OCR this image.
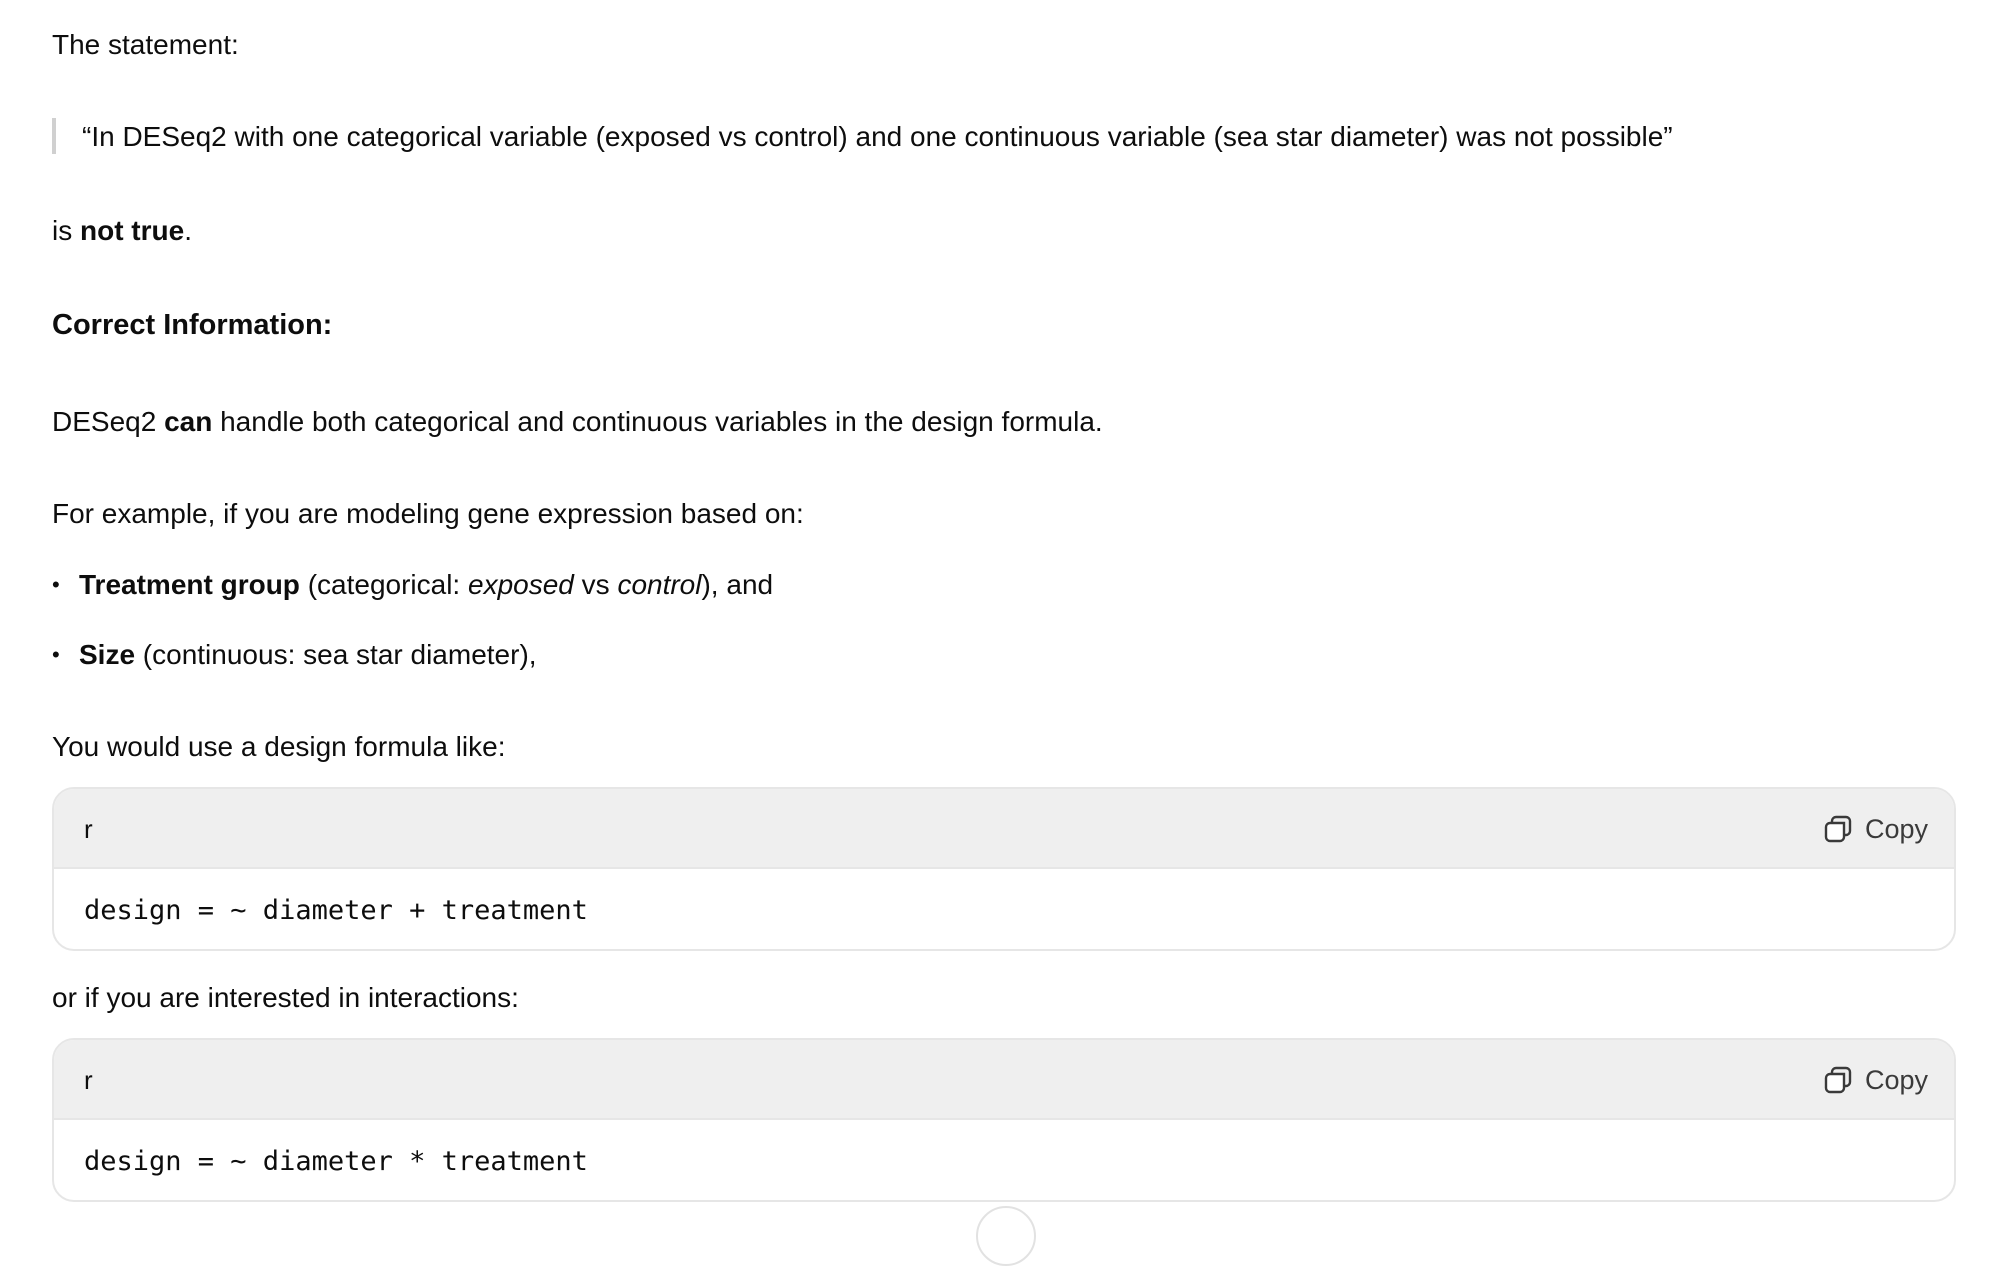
The statement:
“In DESeq2 with one categorical variable (exposed vs control) and one continuous variable (sea star diameter) was not possible”
is not true.
Correct Information:
DESeq2 can handle both categorical and continuous variables in the design formula.
For example, if you are modeling gene expression based on:
• Treatment group (categorical: exposed vs control), and
• Size (continuous: sea star diameter),
You would use a design formula like:
r	Copy
design = ~ diameter + treatment
or if you are interested in interactions:
r	Copy
design = ~ diameter * treatment
